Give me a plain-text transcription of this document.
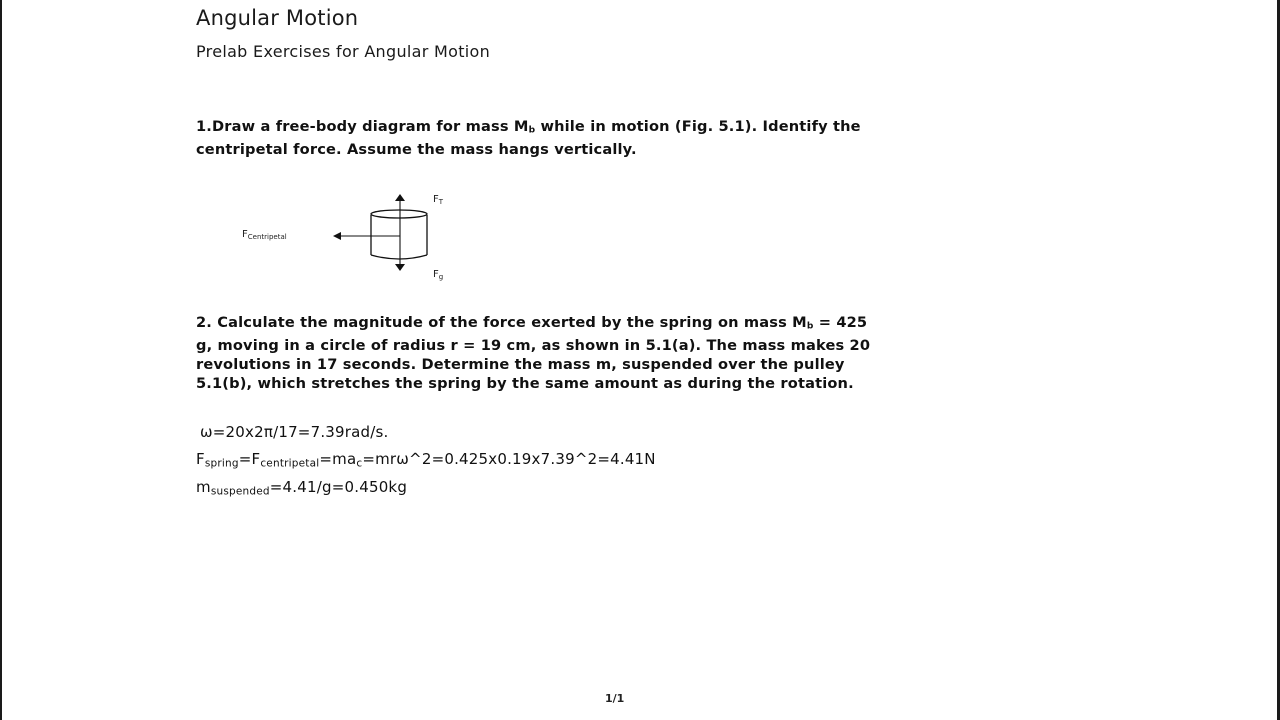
Angular Motion
Prelab Exercises for Angular Motion
1.Draw a free-body diagram for mass Mb while in motion (Fig. 5.1). Identify the
centripetal force. Assume the mass hangs vertically.
$F_{Centripetal}$
$F_T$
$F_g$
2. Calculate the magnitude of the force exerted by the spring on mass Mb = 425
g, moving in a circle of radius r = 19 cm, as shown in 5.1(a). The mass makes 20
revolutions in 17 seconds. Determine the mass m, suspended over the pulley
5.1(b), which stretches the spring by the same amount as during the rotation.
ω=20x2π/17=7.39rad/s.
Fspring=Fcentripetal=mac=mrω^2=0.425x0.19x7.39^2=4.41N
msuspended=4.41/g=0.450kg
1/1
